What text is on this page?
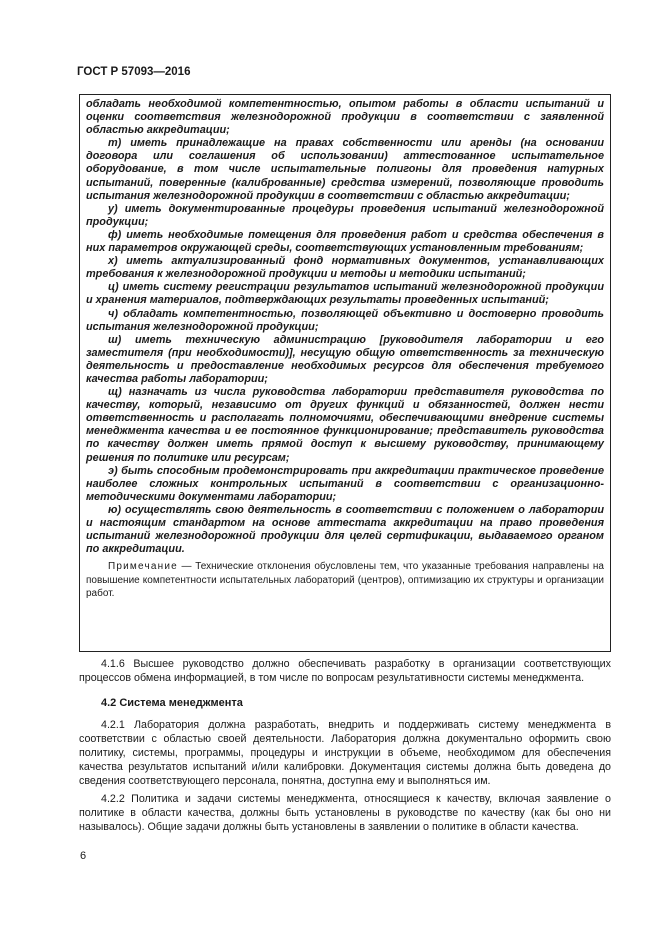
ГОСТ Р 57093—2016

обладать необходимой компетентностью, опытом работы в области испытаний и оценки соответствия железнодорожной продукции в соответствии с заявленной областью аккредитации;

т) иметь принадлежащие на правах собственности или аренды (на основании договора или соглашения об использовании) аттестованное испытательное оборудование, в том числе испытательные полигоны для проведения натурных испытаний, поверенные (калиброванные) средства измерений, позволяющие проводить испытания железнодорожной продукции в соответствии с областью аккредитации;

у) иметь документированные процедуры проведения испытаний железнодорожной продукции;

ф) иметь необходимые помещения для проведения работ и средства обеспечения в них параметров окружающей среды, соответствующих установленным требованиям;

х) иметь актуализированный фонд нормативных документов, устанавливающих требования к железнодорожной продукции и методы и методики испытаний;

ц) иметь систему регистрации результатов испытаний железнодорожной продукции и хранения материалов, подтверждающих результаты проведенных испытаний;

ч) обладать компетентностью, позволяющей объективно и достоверно проводить испытания железнодорожной продукции;

ш) иметь техническую администрацию [руководителя лаборатории и его заместителя (при необходимости)], несущую общую ответственность за техническую деятельность и предоставление необходимых ресурсов для обеспечения требуемого качества работы лаборатории;

щ) назначать из числа руководства лаборатории представителя руководства по качеству, который, независимо от других функций и обязанностей, должен нести ответственность и располагать полномочиями, обеспечивающими внедрение системы менеджмента качества и ее постоянное функционирование; представитель руководства по качеству должен иметь прямой доступ к высшему руководству, принимающему решения по политике или ресурсам;

э) быть способным продемонстрировать при аккредитации практическое проведение наиболее сложных контрольных испытаний в соответствии с организационно-методическими документами лаборатории;

ю) осуществлять свою деятельность в соответствии с положением о лаборатории и настоящим стандартом на основе аттестата аккредитации на право проведения испытаний железнодорожной продукции для целей сертификации, выдаваемого органом по аккредитации.

Примечание — Технические отклонения обусловлены тем, что указанные требования направлены на повышение компетентности испытательных лабораторий (центров), оптимизацию их структуры и организации работ.

4.1.6 Высшее руководство должно обеспечивать разработку в организации соответствующих процессов обмена информацией, в том числе по вопросам результативности системы менеджмента.

4.2 Система менеджмента

4.2.1 Лаборатория должна разработать, внедрить и поддерживать систему менеджмента в соответствии с областью своей деятельности. Лаборатория должна документально оформить свою политику, системы, программы, процедуры и инструкции в объеме, необходимом для обеспечения качества результатов испытаний и/или калибровки. Документация системы должна быть доведена до сведения соответствующего персонала, понятна, доступна ему и выполняться им.

4.2.2 Политика и задачи системы менеджмента, относящиеся к качеству, включая заявление о политике в области качества, должны быть установлены в руководстве по качеству (как бы оно ни называлось). Общие задачи должны быть установлены в заявлении о политике в области качества.

6
